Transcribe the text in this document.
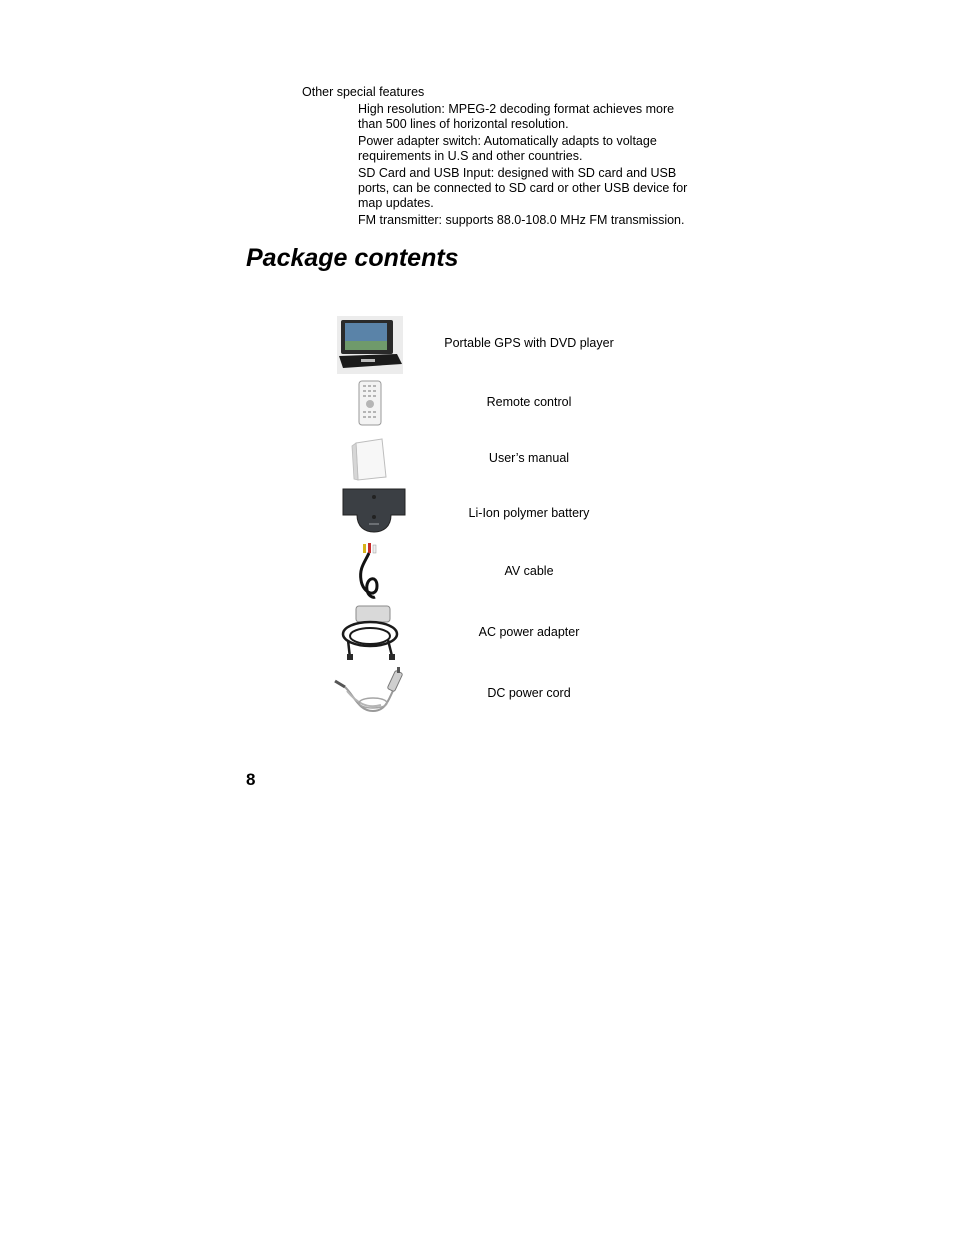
Other special features

High resolution: MPEG-2 decoding format achieves more than 500 lines of horizontal resolution.

Power adapter switch: Automatically adapts to voltage requirements in U.S and other countries.

SD Card and USB Input: designed with SD card and USB ports, can be connected to SD card or other USB device for map updates.

FM transmitter: supports 88.0-108.0 MHz FM transmission.

Package contents
Portable GPS with DVD player
Remote control
User’s manual
Li-Ion polymer battery
AV cable
AC power adapter
DC power cord
8
